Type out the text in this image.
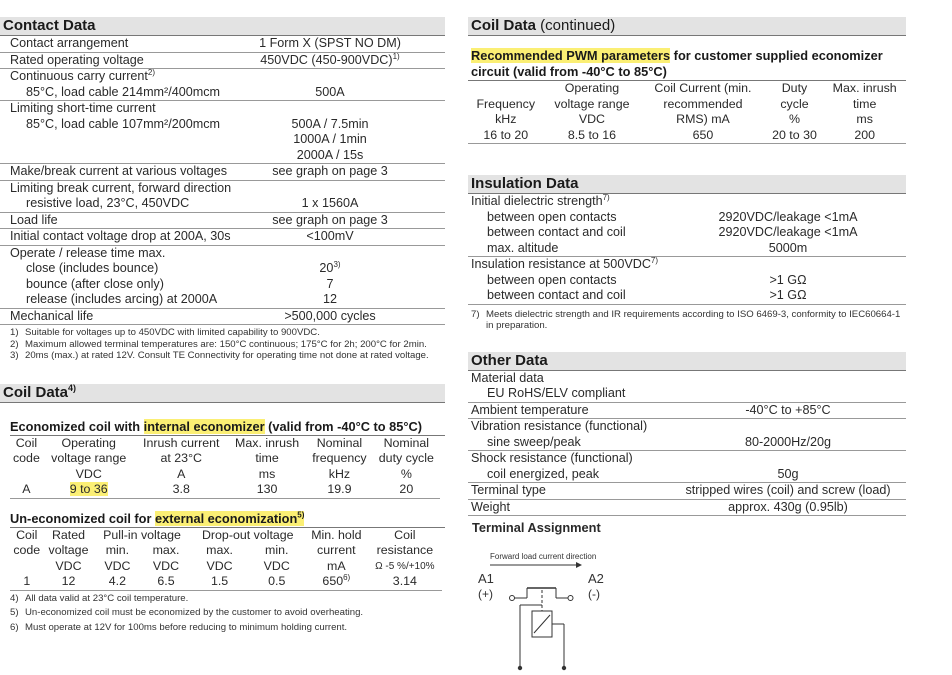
Contact Data
Contact arrangement	1 Form X (SPST NO DM)
Rated operating voltage	450VDC $(450-900VDC)^{1)}$
Continuous carry current$^{2)}$
85°C, load cable 214mm²/400mcm	500A
Limiting short-time current
85°C, load cable 107mm²/200mcm	500A / 7.5min
1000A / 1min
2000A / 15s
Make/break current at various voltages	see graph on page 3
Limiting break current, forward direction
resistive load, 23°C, 450VDC	1 x 1560A
Load life	see graph on page 3
Initial contact voltage drop at 200A, 30s	<100mV
Operate / release time max.
close (includes bounce)	20$^{3)}$
bounce (after close only)	7
release (includes arcing) at 2000A	12
Mechanical life	>500,000 cycles
1) Suitable for voltages up to 450VDC with limited capability to 900VDC.
2) Maximum allowed terminal temperatures are: 150°C continuous; 175°C for 2h; 200°C for 2min.
3) 20ms (max.) at rated 12V. Consult TE Connectivity for operating time not done at rated voltage.
Coil Data$^{4)}$
Economized coil with internal economizer (valid from -40°C to 85°C)
Coil	Operating	Inrush current	Max. inrush	Nominal	Nominal
code	voltage range	at 23°C	time	frequency	duty cycle
	VDC	A	ms	kHz	%
A	9 to 36	3.8	130	19.9	20
Un-economized coil for external economization$^{5)}$
Coil	Rated	Pull-in voltage		Drop-out voltage		Min. hold	Coil
code	voltage	min.	max.	max.	min.	current	resistance
	VDC	VDC	VDC	VDC	VDC	mA	Ω -5 %/+10%
1	12	4.2	6.5	1.5	0.5	650$^{6)}$	3.14
4) All data valid at 23°C coil temperature.
5) Un-economized coil must be economized by the customer to avoid overheating.
6) Must operate at 12V for 100ms before reducing to minimum holding current.
Coil Data (continued)
Recommended PWM parameters for customer supplied economizer
circuit (valid from -40°C to 85°C)
	Operating	Coil Current (min.	Duty	Max. inrush
Frequency	voltage range	recommended	cycle	time
kHz	VDC	RMS) mA	%	ms
16 to 20	8.5 to 16	650	20 to 30	200
Insulation Data
Initial dielectric strength$^{7)}$
between open contacts	2920VDC/leakage <1mA
between contact and coil	2920VDC/leakage <1mA
max. altitude	5000m
Insulation resistance at 500VDC$^{7)}$
between open contacts	>1 GΩ
between contact and coil	>1 GΩ
7) Meets dielectric strength and IR requirements according to ISO 6469-3, conformity to IEC60664-1 in preparation.
Other Data
Material data
EU RoHS/ELV compliant
Ambient temperature	-40°C to +85°C
Vibration resistance (functional)
sine sweep/peak	80-2000Hz/20g
Shock resistance (functional)
coil energized, peak	50g
Terminal type	stripped wires (coil) and screw (load)
Weight	approx. 430g (0.95lb)
Terminal Assignment
Forward load current direction
A1
(+)
A2
(-)
